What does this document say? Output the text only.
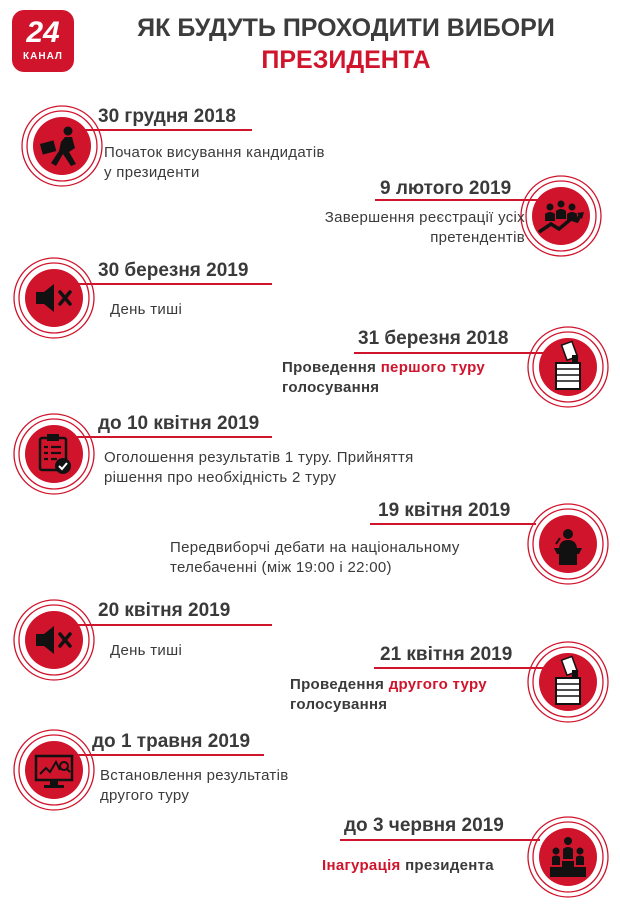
24
КАНАЛ
ЯК БУДУТЬ ПРОХОДИТИ ВИБОРИ
ПРЕЗИДЕНТА
30 грудня 2018
Початок висування кандидатів
у президенти
9 лютого 2019
Завершення реєстрації усіх
претендентів
30 березня 2019
День тиші
31 березня 2018
Проведення першого туру
голосування
до 10 квітня 2019
Оголошення результатів 1 туру. Прийняття
рішення про необхідність 2 туру
19 квітня 2019
Передвиборчі дебати на національному
телебаченні (між 19:00 і 22:00)
20 квітня 2019
День тиші	21 квітня 2019
Проведення другого туру
голосування
до 1 травня 2019
Встановлення результатів
другого туру
до 3 червня 2019
Інагурація президента
